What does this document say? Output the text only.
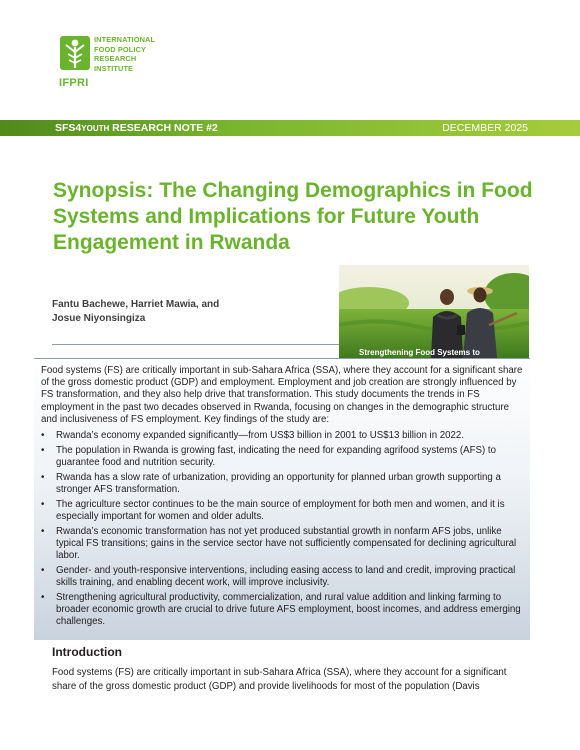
IFPRI
INTERNATIONAL
FOOD POLICY
RESEARCH
INSTITUTE
SFS4YOUTH RESEARCH NOTE #2	DECEMBER 2025
Synopsis: The Changing Demographics in Food Systems and Implications for Future Youth Engagement in Rwanda
Fantu Bachewe, Harriet Mawia, and
Josue Niyonsingiza
Strengthening Food Systems to

Food systems (FS) are critically important in sub-Sahara Africa (SSA), where they account for a significant share of the gross domestic product (GDP) and employment. Employment and job creation are strongly influenced by FS transformation, and they also help drive that transformation. This study documents the trends in FS employment in the past two decades observed in Rwanda, focusing on changes in the demographic structure and inclusiveness of FS employment. Key findings of the study are:

• Rwanda’s economy expanded significantly—from US$3 billion in 2001 to US$13 billion in 2022.
• The population in Rwanda is growing fast, indicating the need for expanding agrifood systems (AFS) to guarantee food and nutrition security.
• Rwanda has a slow rate of urbanization, providing an opportunity for planned urban growth supporting a stronger AFS transformation.
• The agriculture sector continues to be the main source of employment for both men and women, and it is especially important for women and older adults.
• Rwanda’s economic transformation has not yet produced substantial growth in nonfarm AFS jobs, unlike typical FS transitions; gains in the service sector have not sufficiently compensated for declining agricultural labor.
• Gender- and youth-responsive interventions, including easing access to land and credit, improving practical skills training, and enabling decent work, will improve inclusivity.
• Strengthening agricultural productivity, commercialization, and rural value addition and linking farming to broader economic growth are crucial to drive future AFS employment, boost incomes, and address emerging challenges.
Introduction

Food systems (FS) are critically important in sub-Sahara Africa (SSA), where they account for a significant share of the gross domestic product (GDP) and provide livelihoods for most of the population (Davis
